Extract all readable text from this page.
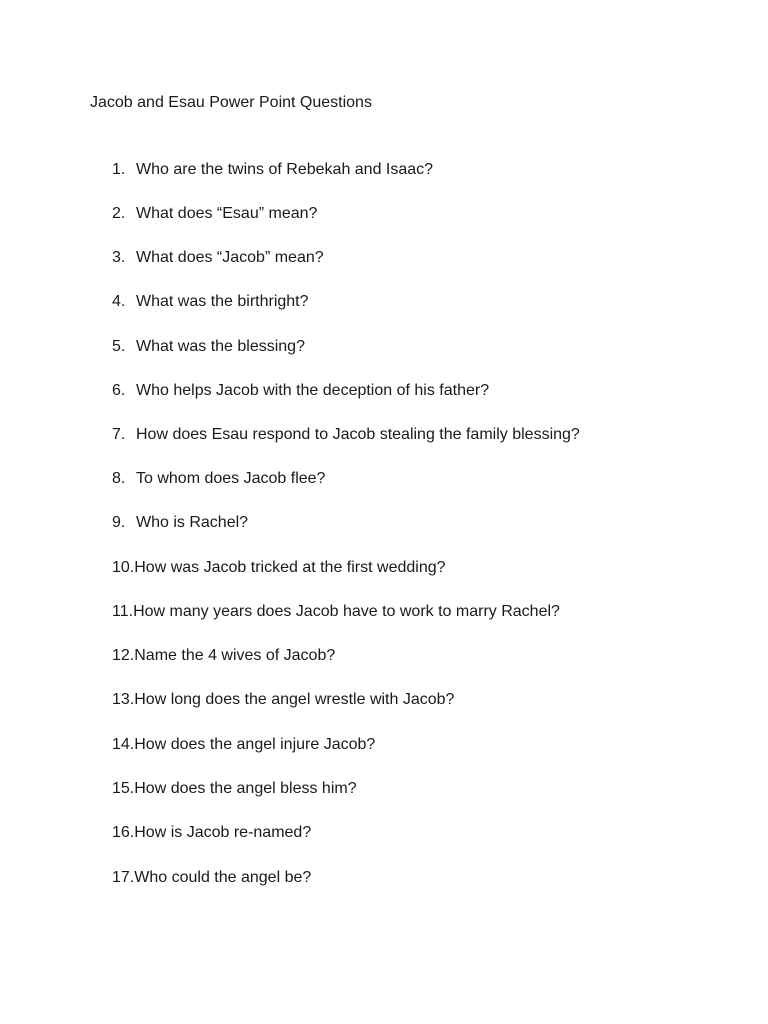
Jacob and Esau Power Point Questions
1. Who are the twins of Rebekah and Isaac?
2. What does “Esau” mean?
3. What does “Jacob” mean?
4. What was the birthright?
5. What was the blessing?
6. Who helps Jacob with the deception of his father?
7. How does Esau respond to Jacob stealing the family blessing?
8. To whom does Jacob flee?
9. Who is Rachel?
10.How was Jacob tricked at the first wedding?
11.How many years does Jacob have to work to marry Rachel?
12.Name the 4 wives of Jacob?
13.How long does the angel wrestle with Jacob?
14.How does the angel injure Jacob?
15.How does the angel bless him?
16.How is Jacob re-named?
17.Who could the angel be?
